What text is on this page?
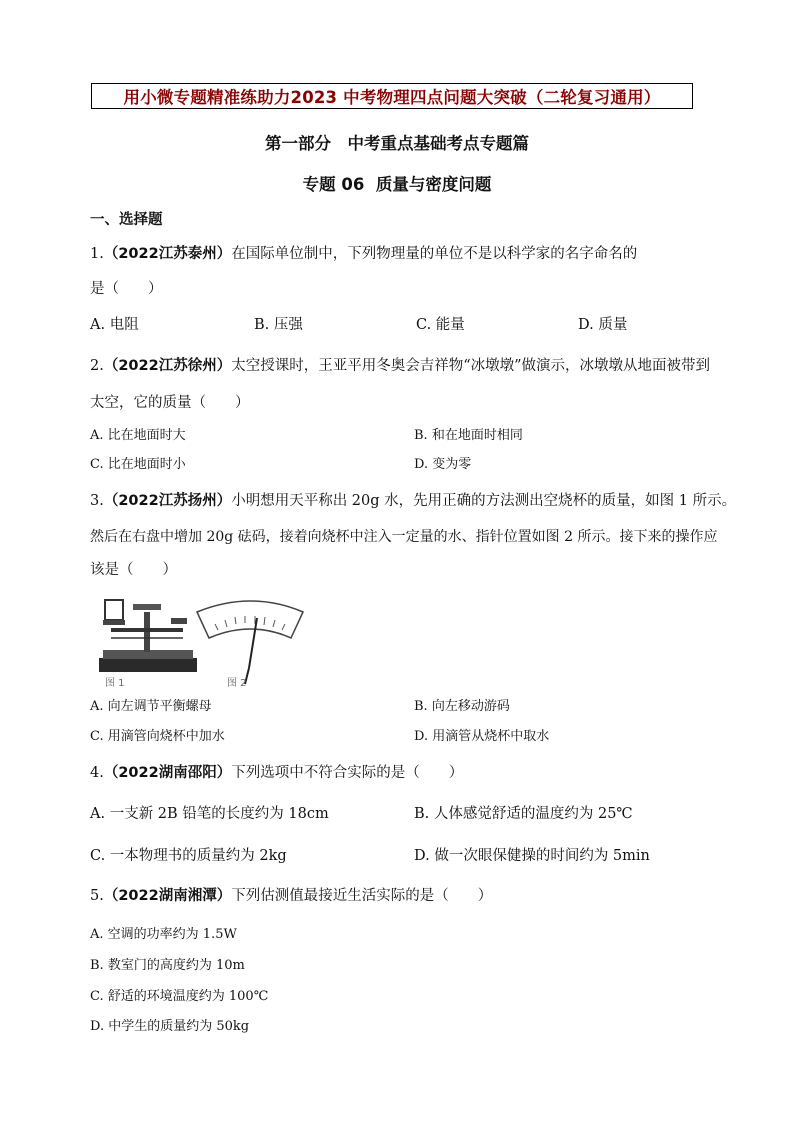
用小微专题精准练助力2023 中考物理四点问题大突破（二轮复习通用）
第一部分　中考重点基础考点专题篇
专题 06  质量与密度问题
一、选择题
1.（2022江苏泰州）在国际单位制中，下列物理量的单位不是以科学家的名字命名的
是（　　）
A. 电阻	B. 压强	C. 能量	D. 质量
2.（2022江苏徐州）太空授课时，王亚平用冬奥会吉祥物“冰墩墩”做演示，冰墩墩从地面被带到
太空，它的质量（　　）
A. 比在地面时大	B. 和在地面时相同
C. 比在地面时小	D. 变为零
3.（2022江苏扬州）小明想用天平称出 20g 水，先用正确的方法测出空烧杯的质量，如图 1 所示。
然后在右盘中增加 20g 砝码，接着向烧杯中注入一定量的水、指针位置如图 2 所示。接下来的操作应
该是（　　）
图 1	图 2
A. 向左调节平衡螺母	B. 向左移动游码
C. 用滴管向烧杯中加水	D. 用滴管从烧杯中取水
4.（2022湖南邵阳）下列选项中不符合实际的是（　　）
A. 一支新 2B 铅笔的长度约为 18cm	B. 人体感觉舒适的温度约为 25℃
C. 一本物理书的质量约为 2kg	D. 做一次眼保健操的时间约为 5min
5.（2022湖南湘潭）下列估测值最接近生活实际的是（　　）
A. 空调的功率约为 1.5W
B. 教室门的高度约为 10m
C. 舒适的环境温度约为 100℃
D. 中学生的质量约为 50kg
